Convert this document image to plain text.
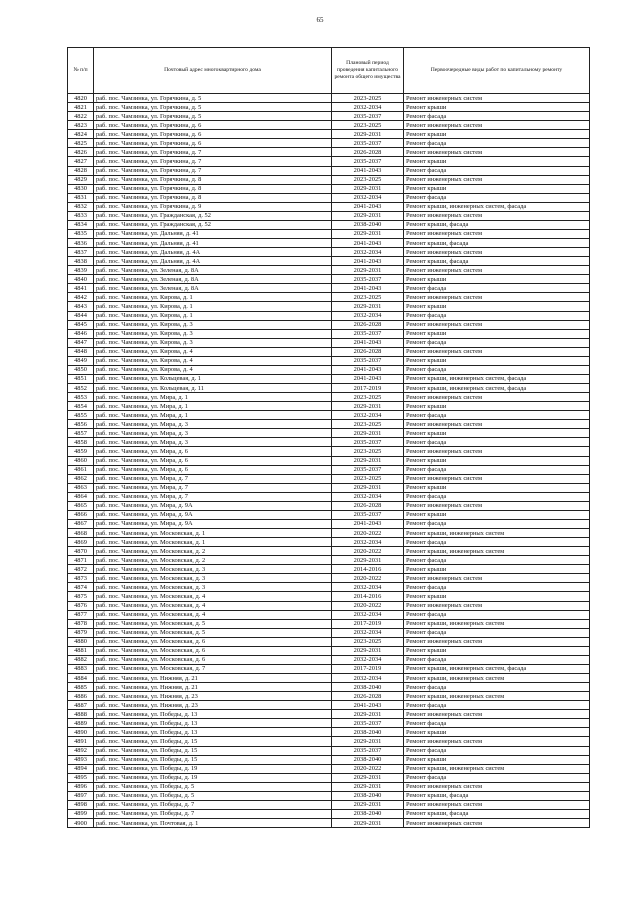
65
№ п/п	Почтовый адрес многоквартирного дома	Плановый период проведения капитального ремонта общего имущества	Первоочередные виды работ по капитальному ремонту
4820	раб. пос. Чамзинка, ул. Горячкина, д. 5	2023-2025	Ремонт инженерных систем
4821	раб. пос. Чамзинка, ул. Горячкина, д. 5	2032-2034	Ремонт крыши
4822	раб. пос. Чамзинка, ул. Горячкина, д. 5	2035-2037	Ремонт фасада
4823	раб. пос. Чамзинка, ул. Горячкина, д. 6	2023-2025	Ремонт инженерных систем
4824	раб. пос. Чамзинка, ул. Горячкина, д. 6	2029-2031	Ремонт крыши
4825	раб. пос. Чамзинка, ул. Горячкина, д. 6	2035-2037	Ремонт фасада
4826	раб. пос. Чамзинка, ул. Горячкина, д. 7	2026-2028	Ремонт инженерных систем
4827	раб. пос. Чамзинка, ул. Горячкина, д. 7	2035-2037	Ремонт крыши
4828	раб. пос. Чамзинка, ул. Горячкина, д. 7	2041-2043	Ремонт фасада
4829	раб. пос. Чамзинка, ул. Горячкина, д. 8	2023-2025	Ремонт инженерных систем
4830	раб. пос. Чамзинка, ул. Горячкина, д. 8	2029-2031	Ремонт крыши
4831	раб. пос. Чамзинка, ул. Горячкина, д. 8	2032-2034	Ремонт фасада
4832	раб. пос. Чамзинка, ул. Горячкина, д. 9	2041-2043	Ремонт крыши, инженерных систем, фасада
4833	раб. пос. Чамзинка, ул. Гражданская, д. 52	2029-2031	Ремонт инженерных систем
4834	раб. пос. Чамзинка, ул. Гражданская, д. 52	2038-2040	Ремонт крыши, фасада
4835	раб. пос. Чамзинка, ул. Дальняя, д. 41	2029-2031	Ремонт инженерных систем
4836	раб. пос. Чамзинка, ул. Дальняя, д. 41	2041-2043	Ремонт крыши, фасада
4837	раб. пос. Чамзинка, ул. Дальняя, д. 4А	2032-2034	Ремонт инженерных систем
4838	раб. пос. Чамзинка, ул. Дальняя, д. 4А	2041-2043	Ремонт крыши, фасада
4839	раб. пос. Чамзинка, ул. Зеленая, д. 8А	2029-2031	Ремонт инженерных систем
4840	раб. пос. Чамзинка, ул. Зеленая, д. 8А	2035-2037	Ремонт крыши
4841	раб. пос. Чамзинка, ул. Зеленая, д. 8А	2041-2043	Ремонт фасада
4842	раб. пос. Чамзинка, ул. Кирова, д. 1	2023-2025	Ремонт инженерных систем
4843	раб. пос. Чамзинка, ул. Кирова, д. 1	2029-2031	Ремонт крыши
4844	раб. пос. Чамзинка, ул. Кирова, д. 1	2032-2034	Ремонт фасада
4845	раб. пос. Чамзинка, ул. Кирова, д. 3	2026-2028	Ремонт инженерных систем
4846	раб. пос. Чамзинка, ул. Кирова, д. 3	2035-2037	Ремонт крыши
4847	раб. пос. Чамзинка, ул. Кирова, д. 3	2041-2043	Ремонт фасада
4848	раб. пос. Чамзинка, ул. Кирова, д. 4	2026-2028	Ремонт инженерных систем
4849	раб. пос. Чамзинка, ул. Кирова, д. 4	2035-2037	Ремонт крыши
4850	раб. пос. Чамзинка, ул. Кирова, д. 4	2041-2043	Ремонт фасада
4851	раб. пос. Чамзинка, ул. Кольцевая, д. 1	2041-2043	Ремонт крыши, инженерных систем, фасада
4852	раб. пос. Чамзинка, ул. Кольцевая, д. 11	2017-2019	Ремонт крыши, инженерных систем, фасада
4853	раб. пос. Чамзинка, ул. Мира, д. 1	2023-2025	Ремонт инженерных систем
4854	раб. пос. Чамзинка, ул. Мира, д. 1	2029-2031	Ремонт крыши
4855	раб. пос. Чамзинка, ул. Мира, д. 1	2032-2034	Ремонт фасада
4856	раб. пос. Чамзинка, ул. Мира, д. 3	2023-2025	Ремонт инженерных систем
4857	раб. пос. Чамзинка, ул. Мира, д. 3	2029-2031	Ремонт крыши
4858	раб. пос. Чамзинка, ул. Мира, д. 3	2035-2037	Ремонт фасада
4859	раб. пос. Чамзинка, ул. Мира, д. 6	2023-2025	Ремонт инженерных систем
4860	раб. пос. Чамзинка, ул. Мира, д. 6	2029-2031	Ремонт крыши
4861	раб. пос. Чамзинка, ул. Мира, д. 6	2035-2037	Ремонт фасада
4862	раб. пос. Чамзинка, ул. Мира, д. 7	2023-2025	Ремонт инженерных систем
4863	раб. пос. Чамзинка, ул. Мира, д. 7	2029-2031	Ремонт крыши
4864	раб. пос. Чамзинка, ул. Мира, д. 7	2032-2034	Ремонт фасада
4865	раб. пос. Чамзинка, ул. Мира, д. 9А	2026-2028	Ремонт инженерных систем
4866	раб. пос. Чамзинка, ул. Мира, д. 9А	2035-2037	Ремонт крыши
4867	раб. пос. Чамзинка, ул. Мира, д. 9А	2041-2043	Ремонт фасада
4868	раб. пос. Чамзинка, ул. Московская, д. 1	2020-2022	Ремонт крыши, инженерных систем
4869	раб. пос. Чамзинка, ул. Московская, д. 1	2032-2034	Ремонт фасада
4870	раб. пос. Чамзинка, ул. Московская, д. 2	2020-2022	Ремонт крыши, инженерных систем
4871	раб. пос. Чамзинка, ул. Московская, д. 2	2029-2031	Ремонт фасада
4872	раб. пос. Чамзинка, ул. Московская, д. 3	2014-2016	Ремонт крыши
4873	раб. пос. Чамзинка, ул. Московская, д. 3	2020-2022	Ремонт инженерных систем
4874	раб. пос. Чамзинка, ул. Московская, д. 3	2032-2034	Ремонт фасада
4875	раб. пос. Чамзинка, ул. Московская, д. 4	2014-2016	Ремонт крыши
4876	раб. пос. Чамзинка, ул. Московская, д. 4	2020-2022	Ремонт инженерных систем
4877	раб. пос. Чамзинка, ул. Московская, д. 4	2032-2034	Ремонт фасада
4878	раб. пос. Чамзинка, ул. Московская, д. 5	2017-2019	Ремонт крыши, инженерных систем
4879	раб. пос. Чамзинка, ул. Московская, д. 5	2032-2034	Ремонт фасада
4880	раб. пос. Чамзинка, ул. Московская, д. 6	2023-2025	Ремонт инженерных систем
4881	раб. пос. Чамзинка, ул. Московская, д. 6	2029-2031	Ремонт крыши
4882	раб. пос. Чамзинка, ул. Московская, д. 6	2032-2034	Ремонт фасада
4883	раб. пос. Чамзинка, ул. Московская, д. 7	2017-2019	Ремонт крыши, инженерных систем, фасада
4884	раб. пос. Чамзинка, ул. Нижняя, д. 21	2032-2034	Ремонт крыши, инженерных систем
4885	раб. пос. Чамзинка, ул. Нижняя, д. 21	2038-2040	Ремонт фасада
4886	раб. пос. Чамзинка, ул. Нижняя, д. 23	2026-2028	Ремонт крыши, инженерных систем
4887	раб. пос. Чамзинка, ул. Нижняя, д. 23	2041-2043	Ремонт фасада
4888	раб. пос. Чамзинка, ул. Победы, д. 13	2029-2031	Ремонт инженерных систем
4889	раб. пос. Чамзинка, ул. Победы, д. 13	2035-2037	Ремонт фасада
4890	раб. пос. Чамзинка, ул. Победы, д. 13	2038-2040	Ремонт крыши
4891	раб. пос. Чамзинка, ул. Победы, д. 15	2029-2031	Ремонт инженерных систем
4892	раб. пос. Чамзинка, ул. Победы, д. 15	2035-2037	Ремонт фасада
4893	раб. пос. Чамзинка, ул. Победы, д. 15	2038-2040	Ремонт крыши
4894	раб. пос. Чамзинка, ул. Победы, д. 19	2020-2022	Ремонт крыши, инженерных систем
4895	раб. пос. Чамзинка, ул. Победы, д. 19	2029-2031	Ремонт фасада
4896	раб. пос. Чамзинка, ул. Победы, д. 5	2029-2031	Ремонт инженерных систем
4897	раб. пос. Чамзинка, ул. Победы, д. 5	2038-2040	Ремонт крыши, фасада
4898	раб. пос. Чамзинка, ул. Победы, д. 7	2029-2031	Ремонт инженерных систем
4899	раб. пос. Чамзинка, ул. Победы, д. 7	2038-2040	Ремонт крыши, фасада
4900	раб. пос. Чамзинка, ул. Почтовая, д. 1	2029-2031	Ремонт инженерных систем
